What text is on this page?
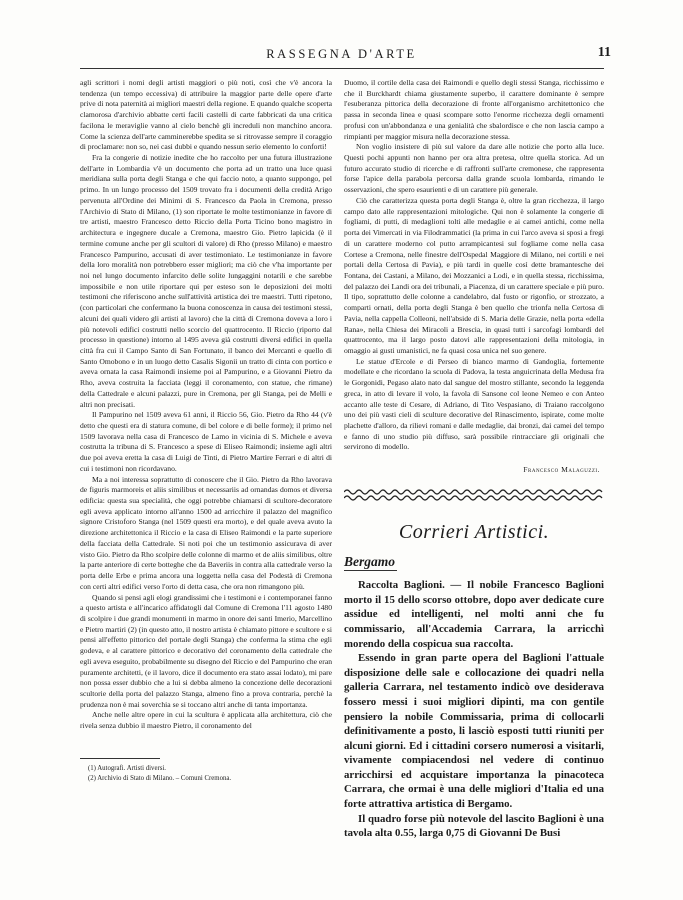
RASSEGNA D'ARTE	11

agli scrittori i nomi degli artisti maggiori o più noti, così che v'è ancora la tendenza (un tempo eccessiva) di attribuire la maggior parte delle opere d'arte prive di nota paternità ai migliori maestri della regione. E quando qualche scoperta clamorosa d'archivio abbatte certi facili castelli di carte fabbricati da una critica facilona le meraviglie vanno al cielo benchè gli increduli non manchino ancora. Come la scienza dell'arte camminerebbe spedita se si ritrovasse sempre il coraggio di proclamare: non so, nei casi dubbi e quando nessun serio elemento lo conforti!

Fra la congerie di notizie inedite che ho raccolto per una futura illustrazione dell'arte in Lombardia v'è un documento che porta ad un tratto una luce quasi meridiana sulla porta degli Stanga e che qui faccio noto, a quanto suppongo, pel primo. In un lungo processo del 1509 trovato fra i documenti della credità Arigo pervenuta all'Ordine dei Minimi di S. Francesco da Paola in Cremona, presso l'Archivio di Stato di Milano, (1) son riportate le molte testimonianze in favore di tre artisti, maestro Francesco detto Riccio della Porta Ticino bono magistro in architectura e ingegnere ducale a Cremona, maestro Gio. Pietro lapicida (è il termine comune anche per gli scultori di valore) di Rho (presso Milano) e maestro Francesco Pampurino, accusati di aver testimoniato. Le testimonianze in favore della loro moralità non potrebbero esser migliori; ma ciò che v'ha importante per noi nel lungo documento infarcito delle solite lungaggini notarili e che sarebbe impossibile e non utile riportare qui per esteso son le deposizioni dei molti testimoni che riferiscono anche sull'attività artistica dei tre maestri. Tutti ripetono, (con particolari che confermano la buona conoscenza in causa dei testimoni stessi, alcuni dei quali videro gli artisti al lavoro) che la città di Cremona doveva a loro i più notevoli edifici costrutti nello scorcio del quattrocento. Il Riccio (riporto dal processo in questione) intorno al 1495 aveva già costrutti diversi edifici in quella città fra cui il Campo Santo di San Fortunato, il banco dei Mercanti e quello di Santo Omobono e in un luogo detto Casalis Sigonii un tratto di cinta con portico e aveva ornata la casa Raimondi insieme poi al Pampurino, e a Giovanni Pietro da Rho, aveva costruita la facciata (leggi il coronamento, con statue, che rimane) della Cattedrale e alcuni palazzi, pure in Cremona, per gli Stanga, pei de Melli e altri non precisati.

Il Pampurino nel 1509 aveva 61 anni, il Riccio 56, Gio. Pietro da Rho 44 (v'è detto che questi era di statura comune, di bel colore e di belle forme); il primo nel 1509 lavorava nella casa di Francesco de Lamo in vicinia di S. Michele e aveva costrutta la tribuna di S. Francesco a spese di Eliseo Raimondi; insieme agli altri due poi aveva eretta la casa di Luigi de Tinti, di Pietro Martire Ferrari e di altri di cui i testimoni non ricordavano.

Ma a noi interessa soprattutto di conoscere che il Gio. Pietro da Rho lavorava de figuris marmoreis et aliis similibus et necessariis ad ornandas domos et diversa edificia: questa sua specialità, che oggi potrebbe chiamarsi di scultore-decoratore egli aveva applicato intorno all'anno 1500 ad arricchire il palazzo del magnifico signore Cristoforo Stanga (nel 1509 questi era morto), e del quale aveva avuto la direzione architettonica il Riccio e la casa di Eliseo Raimondi e la parte superiore della facciata della Cattedrale. Si noti poi che un testimonio assicurava di aver visto Gio. Pietro da Rho scolpire delle colonne di marmo et de aliis similibus, oltre la parte anteriore di certe botteghe che da Baveriis in contra alla cattedrale verso la porta delle Erbe e prima ancora una loggetta nella casa del Podestà di Cremona con certi altri edifici verso l'orto di detta casa, che ora non rimangono più.

Quando si pensi agli elogi grandissimi che i testimoni e i contemporanei fanno a questo artista e all'incarico affidatogli dal Comune di Cremona l'11 agosto 1480 di scolpire i due grandi monumenti in marmo in onore dei santi Imerio, Marcellino e Pietro martiri (2) (in questo atto, il nostro artista è chiamato pittore e scultore e si pensi all'effetto pittorico del portale degli Stanga) che conferma la stima che egli godeva, e al carattere pittorico e decorativo del coronamento della cattedrale che egli aveva eseguito, probabilmente su disegno del Riccio e del Pampurino che eran puramente architetti, (e il lavoro, dice il documento era stato assai lodato), mi pare non possa esser dubbio che a lui si debba almeno la concezione delle decorazioni scultorie della porta del palazzo Stanga, almeno fino a prova contraria, perchè la prudenza non è mai soverchia se si toccano altri anche di tanta importanza.

Anche nelle altre opere in cui la scultura è applicata alla architettura, ciò che rivela senza dubbio il maestro Pietro, il coronamento del

(1) Autografi. Artisti diversi.
(2) Archivio di Stato di Milano. – Comuni Cremona.

Duomo, il cortile della casa dei Raimondi e quello degli stessi Stanga, ricchissimo e che il Burckhardt chiama giustamente superbo, il carattere dominante è sempre l'esuberanza pittorica della decorazione di fronte all'organismo architettonico che passa in seconda linea e quasi scompare sotto l'enorme ricchezza degli ornamenti profusi con un'abbondanza e una genialità che sbalordisce e che non lascia campo a rimpianti per maggior misura nella decorazione stessa.

Non voglio insistere di più sul valore da dare alle notizie che porto alla luce. Questi pochi appunti non hanno per ora altra pretesa, oltre quella storica. Ad un futuro accurato studio di ricerche e di raffronti sull'arte cremonese, che rappresenta forse l'apice della parabola percorsa dalla grande scuola lombarda, rimando le osservazioni, che spero esaurienti e di un carattere più generale.

Ciò che caratterizza questa porta degli Stanga è, oltre la gran ricchezza, il largo campo dato alle rappresentazioni mitologiche. Qui non è solamente la congerie di fogliami, di putti, di medaglioni tolti alle medaglie e ai camei antichi, come nella porta dei Vimercati in via Filodrammatici (la prima in cui l'arco aveva si sposi a fregi di un carattere moderno col putto arrampicantesi sul fogliame come nella casa Cortese a Cremona, nelle finestre dell'Ospedal Maggiore di Milano, nei cortili e nei portali della Certosa di Pavia), e più tardi in quelle così dette bramantesche dei Fontana, dei Castani, a Milano, dei Mozzanici a Lodi, e in quella stessa, ricchissima, del palazzo dei Landi ora dei tribunali, a Piacenza, di un carattere speciale e più puro. Il tipo, soprattutto delle colonne a candelabro, dal fusto or rigonfio, or strozzato, a comparti ornati, della porta degli Stanga è ben quello che trionfa nella Certosa di Pavia, nella cappella Colleoni, nell'abside di S. Maria delle Grazie, nella porta «della Rana», nella Chiesa dei Miracoli a Brescia, in quasi tutti i sarcofagi lombardi del quattrocento, ma il largo posto datovi alle rappresentazioni della mitologia, in omaggio ai gusti umanistici, ne fa quasi cosa unica nel suo genere.

Le statue d'Ercole e di Perseo di bianco marmo di Gandoglia, fortemente modellate e che ricordano la scuola di Padova, la testa anguicrinata della Medusa fra le Gorgonidi, Pegaso alato nato dal sangue del mostro stillante, secondo la leggenda greca, in atto di levare il volo, la favola di Sansone col leone Nemeo e con Anteo accanto alle teste di Cesare, di Adriano, di Tito Vespasiano, di Traiano raccolgono uno dei più vasti cieli di sculture decorative del Rinascimento, ispirate, come molte plachette d'alloro, da rilievi romani e dalle medaglie, dai bronzi, dai camei del tempo e fanno di uno studio più diffuso, sarà possibile rintracciare gli originali che servirono di modello.

Francesco Malaguzzi.
Corrieri Artistici.
Bergamo

Raccolta Baglioni. — Il nobile Francesco Baglioni morto il 15 dello scorso ottobre, dopo aver dedicate cure assidue ed intelligenti, nel molti anni che fu commissario, all'Accademia Carrara, la arricchì morendo della cospicua sua raccolta.

Essendo in gran parte opera del Baglioni l'attuale disposizione delle sale e collocazione dei quadri nella galleria Carrara, nel testamento indicò ove desiderava fossero messi i suoi migliori dipinti, ma con gentile pensiero la nobile Commissaria, prima di collocarli definitivamente a posto, li lasciò esposti tutti riuniti per alcuni giorni. Ed i cittadini corsero numerosi a visitarli, vivamente compiacendosi nel vedere di continuo arricchirsi ed acquistare importanza la pinacoteca Carrara, che ormai è una delle migliori d'Italia ed una forte attrattiva artistica di Bergamo.

Il quadro forse più notevole del lascito Baglioni è una tavola alta 0.55, larga 0,75 di Giovanni De Busi
